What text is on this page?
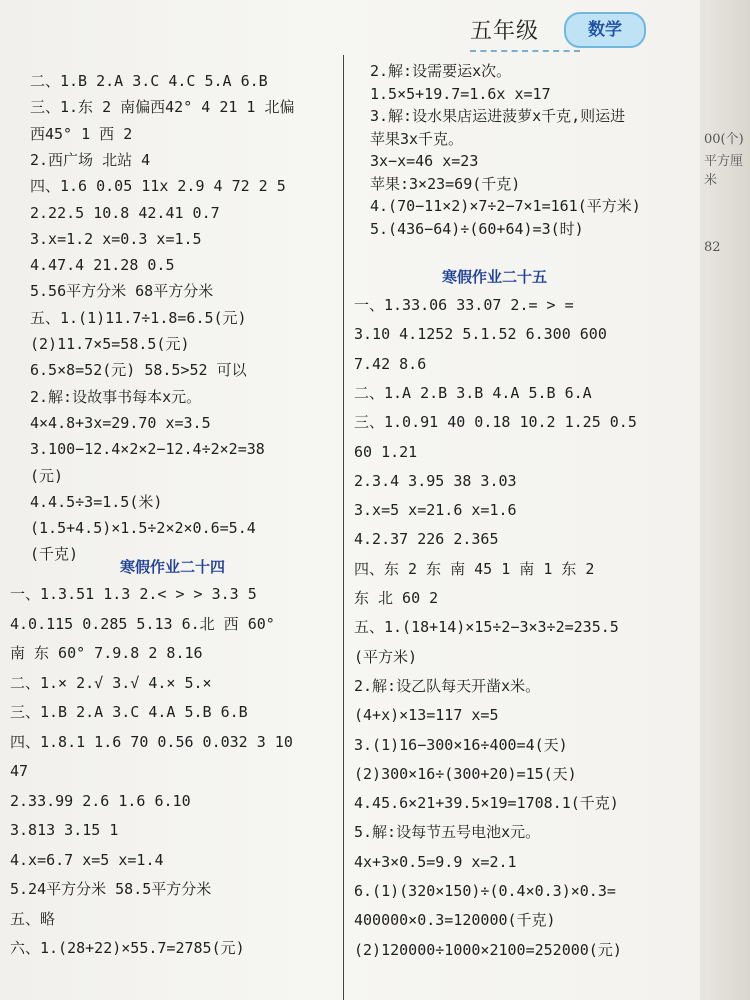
五年级	数学
二、1.B 2.A 3.C 4.C 5.A 6.B
三、1.东 2 南偏西42° 4 21 1 北偏
西45° 1 西 2
2.西广场 北站 4
四、1.6 0.05 11x 2.9 4 72 2 5
2.22.5 10.8 42.41 0.7
3.x=1.2 x=0.3 x=1.5
4.47.4 21.28 0.5
5.56平方分米 68平方分米
五、1.(1)11.7÷1.8=6.5(元)
(2)11.7×5=58.5(元)
6.5×8=52(元) 58.5>52 可以
2.解:设故事书每本x元。
4×4.8+3x=29.70 x=3.5
3.100−12.4×2×2−12.4÷2×2=38
(元)
4.4.5÷3=1.5(米)
(1.5+4.5)×1.5÷2×2×0.6=5.4
(千克)
寒假作业二十四
一、1.3.51 1.3 2.< > > 3.3 5
4.0.115 0.285 5.13 6.北 西 60°
南 东 60° 7.9.8 2 8.16
二、1.× 2.√ 3.√ 4.× 5.×
三、1.B 2.A 3.C 4.A 5.B 6.B
四、1.8.1 1.6 70 0.56 0.032 3 10
47
2.33.99 2.6 1.6 6.10
3.813 3.15 1
4.x=6.7 x=5 x=1.4
5.24平方分米 58.5平方分米
五、略
六、1.(28+22)×55.7=2785(元)
2.解:设需要运x次。
1.5×5+19.7=1.6x x=17
3.解:设水果店运进菠萝x千克,则运进
苹果3x千克。
3x−x=46 x=23
苹果:3×23=69(千克)
4.(70−11×2)×7÷2−7×1=161(平方米)
5.(436−64)÷(60+64)=3(时)
寒假作业二十五
一、1.33.06 33.07 2.= > =
3.10 4.1252 5.1.52 6.300 600
7.42 8.6
二、1.A 2.B 3.B 4.A 5.B 6.A
三、1.0.91 40 0.18 10.2 1.25 0.5
60 1.21
2.3.4 3.95 38 3.03
3.x=5 x=21.6 x=1.6
4.2.37 226 2.365
四、东 2 东 南 45 1 南 1 东 2
东 北 60 2
五、1.(18+14)×15÷2−3×3÷2=235.5
(平方米)
2.解:设乙队每天开凿x米。
(4+x)×13=117 x=5
3.(1)16−300×16÷400=4(天)
(2)300×16÷(300+20)=15(天)
4.45.6×21+39.5×19=1708.1(千克)
5.解:设每节五号电池x元。
4x+3×0.5=9.9 x=2.1
6.(1)(320×150)÷(0.4×0.3)×0.3=
400000×0.3=120000(千克)
(2)120000÷1000×2100=252000(元)
00(个)
平方厘米
82
